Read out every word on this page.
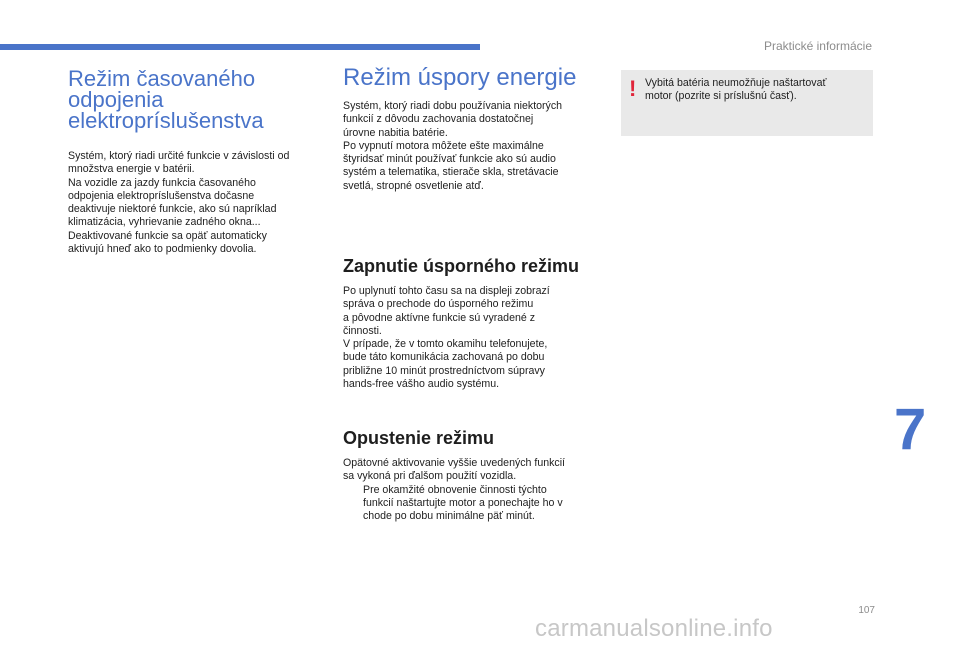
Praktické informácie
Režim časovaného
odpojenia
elektropríslušenstva
Systém, ktorý riadi určité funkcie v závislosti od
množstva energie v batérii.
Na vozidle za jazdy funkcia časovaného
odpojenia elektropríslušenstva dočasne
deaktivuje niektoré funkcie, ako sú napríklad
klimatizácia, vyhrievanie zadného okna...
Deaktivované funkcie sa opäť automaticky
aktivujú hneď ako to podmienky dovolia.
Režim úspory energie
Systém, ktorý riadi dobu používania niektorých
funkcií z dôvodu zachovania dostatočnej
úrovne nabitia batérie.
Po vypnutí motora môžete ešte maximálne
štyridsať minút používať funkcie ako sú audio
systém a telematika, stierače skla, stretávacie
svetlá, stropné osvetlenie atď.
Zapnutie úsporného režimu
Po uplynutí tohto času sa na displeji zobrazí
správa o prechode do úsporného režimu
a pôvodne aktívne funkcie sú vyradené z
činnosti.
V prípade, že v tomto okamihu telefonujete,
bude táto komunikácia zachovaná po dobu
približne 10 minút prostredníctvom súpravy
hands-free vášho audio systému.
Opustenie režimu
Opätovné aktivovanie vyššie uvedených funkcií
sa vykoná pri ďalšom použití vozidla.
Pre okamžité obnovenie činnosti týchto
funkcií naštartujte motor a ponechajte ho v
chode po dobu minimálne päť minút.
! Vybitá batéria neumožňuje naštartovať
motor (pozrite si príslušnú časť).
7
107
carmanualsonline.info
